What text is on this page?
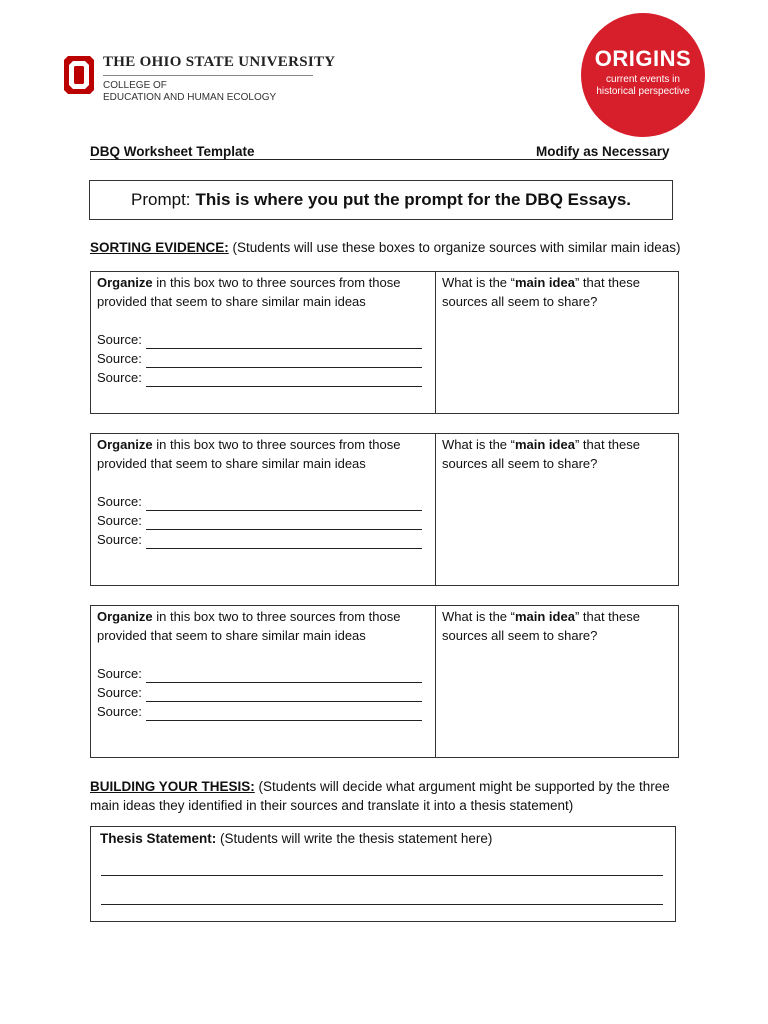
THE OHIO STATE UNIVERSITY
COLLEGE OF
EDUCATION AND HUMAN ECOLOGY
ORIGINS
current events in historical perspective
DBQ Worksheet Template	Modify as Necessary
Prompt: This is where you put the prompt for the DBQ Essays.
SORTING EVIDENCE: (Students will use these boxes to organize sources with similar main ideas)
Organize in this box two to three sources from those provided that seem to share similar main ideas
Source:
Source:
Source:
What is the “main idea” that these sources all seem to share?
Organize in this box two to three sources from those provided that seem to share similar main ideas
Source:
Source:
Source:
What is the “main idea” that these sources all seem to share?
Organize in this box two to three sources from those provided that seem to share similar main ideas
Source:
Source:
Source:
What is the “main idea” that these sources all seem to share?
BUILDING YOUR THESIS: (Students will decide what argument might be supported by the three main ideas they identified in their sources and translate it into a thesis statement)
Thesis Statement: (Students will write the thesis statement here)
